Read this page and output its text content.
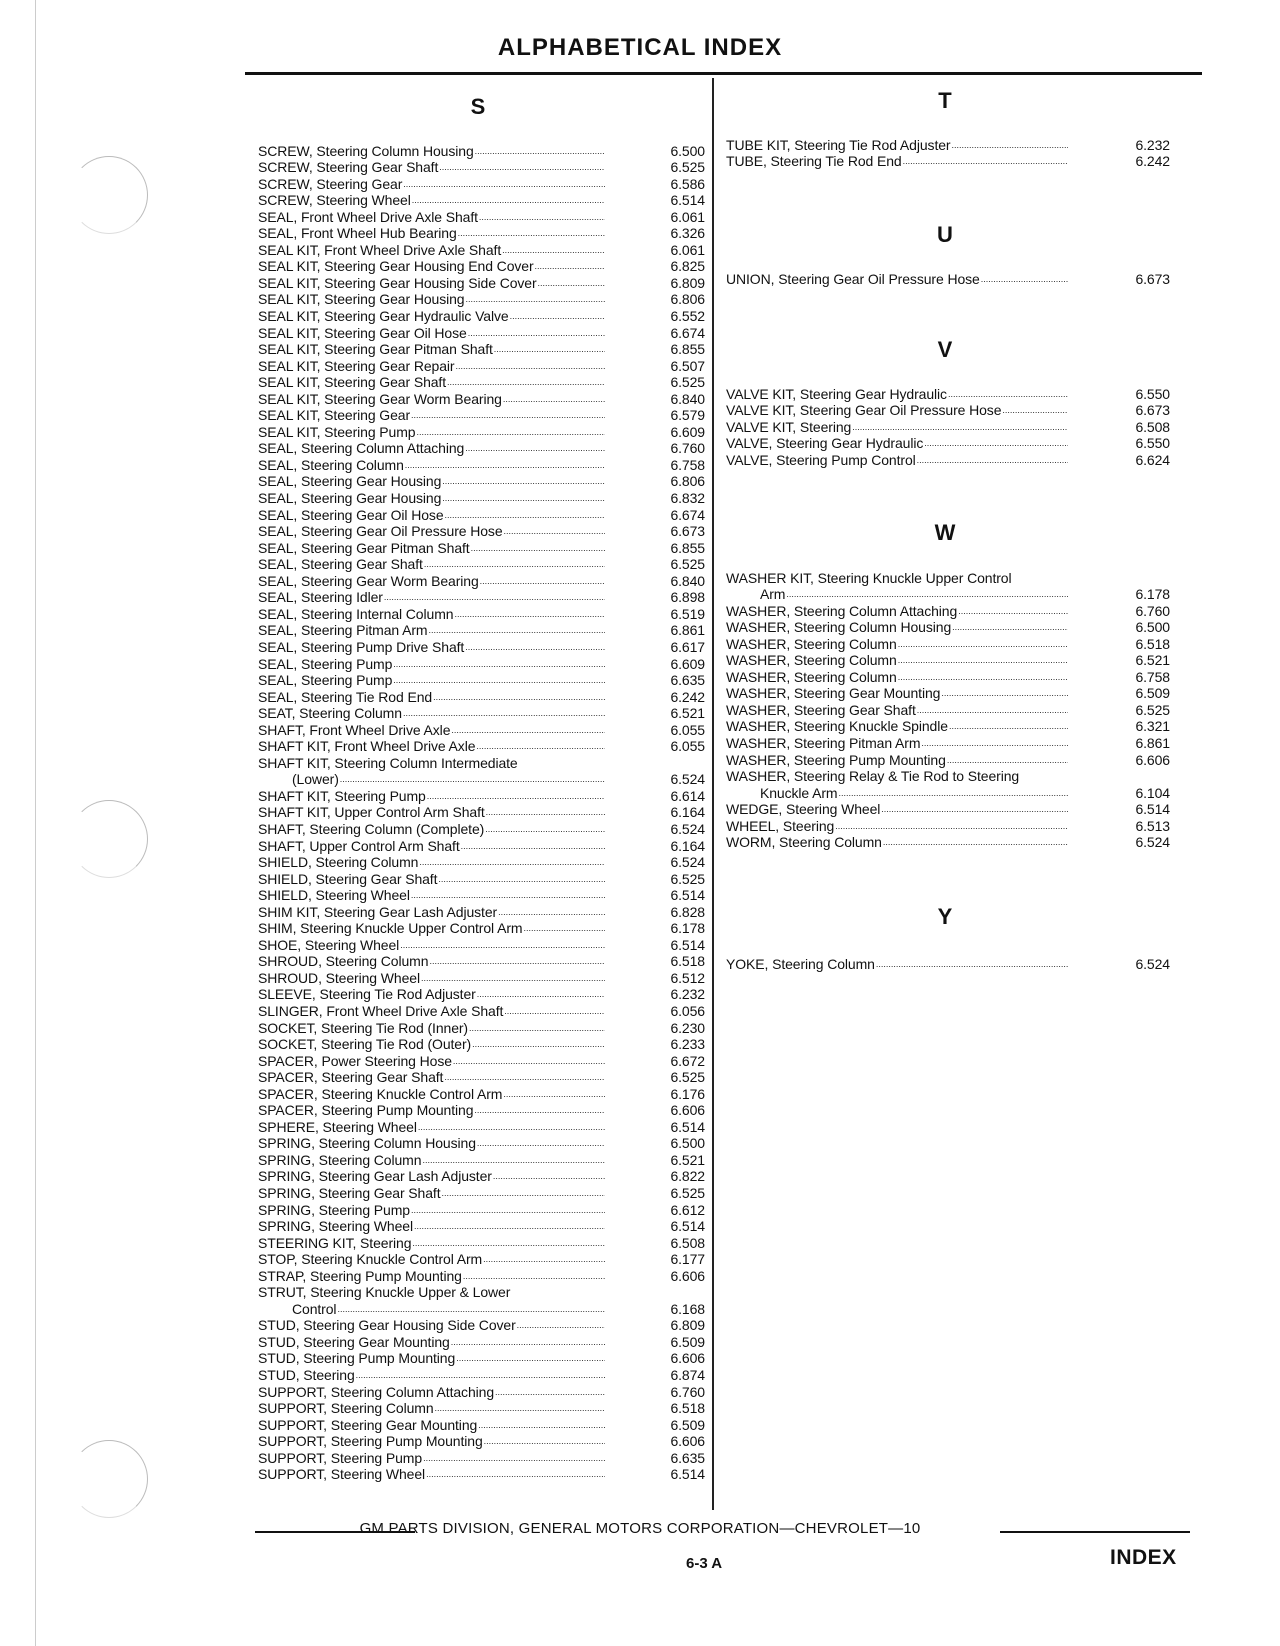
ALPHABETICAL INDEX
S
SCREW, Steering Column Housing .....	6.500
SCREW, Steering Gear Shaft .....	6.525
SCREW, Steering Gear .....	6.586
SCREW, Steering Wheel .....	6.514
SEAL, Front Wheel Drive Axle Shaft .....	6.061
SEAL, Front Wheel Hub Bearing .....	6.326
SEAL KIT, Front Wheel Drive Axle Shaft .....	6.061
SEAL KIT, Steering Gear Housing End Cover .....	6.825
SEAL KIT, Steering Gear Housing Side Cover .....	6.809
SEAL KIT, Steering Gear Housing .....	6.806
SEAL KIT, Steering Gear Hydraulic Valve .....	6.552
SEAL KIT, Steering Gear Oil Hose .....	6.674
SEAL KIT, Steering Gear Pitman Shaft .....	6.855
SEAL KIT, Steering Gear Repair .....	6.507
SEAL KIT, Steering Gear Shaft .....	6.525
SEAL KIT, Steering Gear Worm Bearing .....	6.840
SEAL KIT, Steering Gear .....	6.579
SEAL KIT, Steering Pump .....	6.609
SEAL, Steering Column Attaching .....	6.760
SEAL, Steering Column .....	6.758
SEAL, Steering Gear Housing .....	6.806
SEAL, Steering Gear Housing .....	6.832
SEAL, Steering Gear Oil Hose .....	6.674
SEAL, Steering Gear Oil Pressure Hose .....	6.673
SEAL, Steering Gear Pitman Shaft .....	6.855
SEAL, Steering Gear Shaft .....	6.525
SEAL, Steering Gear Worm Bearing .....	6.840
SEAL, Steering Idler .....	6.898
SEAL, Steering Internal Column .....	6.519
SEAL, Steering Pitman Arm .....	6.861
SEAL, Steering Pump Drive Shaft .....	6.617
SEAL, Steering Pump .....	6.609
SEAL, Steering Pump .....	6.635
SEAL, Steering Tie Rod End .....	6.242
SEAT, Steering Column .....	6.521
SHAFT, Front Wheel Drive Axle .....	6.055
SHAFT KIT, Front Wheel Drive Axle .....	6.055
SHAFT KIT, Steering Column Intermediate
(Lower) .....	6.524
SHAFT KIT, Steering Pump .....	6.614
SHAFT KIT, Upper Control Arm Shaft .....	6.164
SHAFT, Steering Column (Complete) .....	6.524
SHAFT, Upper Control Arm Shaft .....	6.164
SHIELD, Steering Column .....	6.524
SHIELD, Steering Gear Shaft .....	6.525
SHIELD, Steering Wheel .....	6.514
SHIM KIT, Steering Gear Lash Adjuster .....	6.828
SHIM, Steering Knuckle Upper Control Arm .....	6.178
SHOE, Steering Wheel .....	6.514
SHROUD, Steering Column .....	6.518
SHROUD, Steering Wheel .....	6.512
SLEEVE, Steering Tie Rod Adjuster .....	6.232
SLINGER, Front Wheel Drive Axle Shaft .....	6.056
SOCKET, Steering Tie Rod (Inner) .....	6.230
SOCKET, Steering Tie Rod (Outer) .....	6.233
SPACER, Power Steering Hose .....	6.672
SPACER, Steering Gear Shaft .....	6.525
SPACER, Steering Knuckle Control Arm .....	6.176
SPACER, Steering Pump Mounting .....	6.606
SPHERE, Steering Wheel .....	6.514
SPRING, Steering Column Housing .....	6.500
SPRING, Steering Column .....	6.521
SPRING, Steering Gear Lash Adjuster .....	6.822
SPRING, Steering Gear Shaft .....	6.525
SPRING, Steering Pump .....	6.612
SPRING, Steering Wheel .....	6.514
STEERING KIT, Steering .....	6.508
STOP, Steering Knuckle Control Arm .....	6.177
STRAP, Steering Pump Mounting .....	6.606
STRUT, Steering Knuckle Upper & Lower
Control .....	6.168
STUD, Steering Gear Housing Side Cover .....	6.809
STUD, Steering Gear Mounting .....	6.509
STUD, Steering Pump Mounting .....	6.606
STUD, Steering .....	6.874
SUPPORT, Steering Column Attaching .....	6.760
SUPPORT, Steering Column .....	6.518
SUPPORT, Steering Gear Mounting .....	6.509
SUPPORT, Steering Pump Mounting .....	6.606
SUPPORT, Steering Pump .....	6.635
SUPPORT, Steering Wheel .....	6.514
T
TUBE KIT, Steering Tie Rod Adjuster .....	6.232
TUBE, Steering Tie Rod End .....	6.242
U
UNION, Steering Gear Oil Pressure Hose .....	6.673
V
VALVE KIT, Steering Gear Hydraulic .....	6.550
VALVE KIT, Steering Gear Oil Pressure Hose .....	6.673
VALVE KIT, Steering .....	6.508
VALVE, Steering Gear Hydraulic .....	6.550
VALVE, Steering Pump Control .....	6.624
W
WASHER KIT, Steering Knuckle Upper Control
Arm .....	6.178
WASHER, Steering Column Attaching .....	6.760
WASHER, Steering Column Housing .....	6.500
WASHER, Steering Column .....	6.518
WASHER, Steering Column .....	6.521
WASHER, Steering Column .....	6.758
WASHER, Steering Gear Mounting .....	6.509
WASHER, Steering Gear Shaft .....	6.525
WASHER, Steering Knuckle Spindle .....	6.321
WASHER, Steering Pitman Arm .....	6.861
WASHER, Steering Pump Mounting .....	6.606
WASHER, Steering Relay & Tie Rod to Steering
Knuckle Arm .....	6.104
WEDGE, Steering Wheel .....	6.514
WHEEL, Steering .....	6.513
WORM, Steering Column .....	6.524
Y
YOKE, Steering Column .....	6.524
GM PARTS DIVISION, GENERAL MOTORS CORPORATION—CHEVROLET—10
6-3 A	INDEX
